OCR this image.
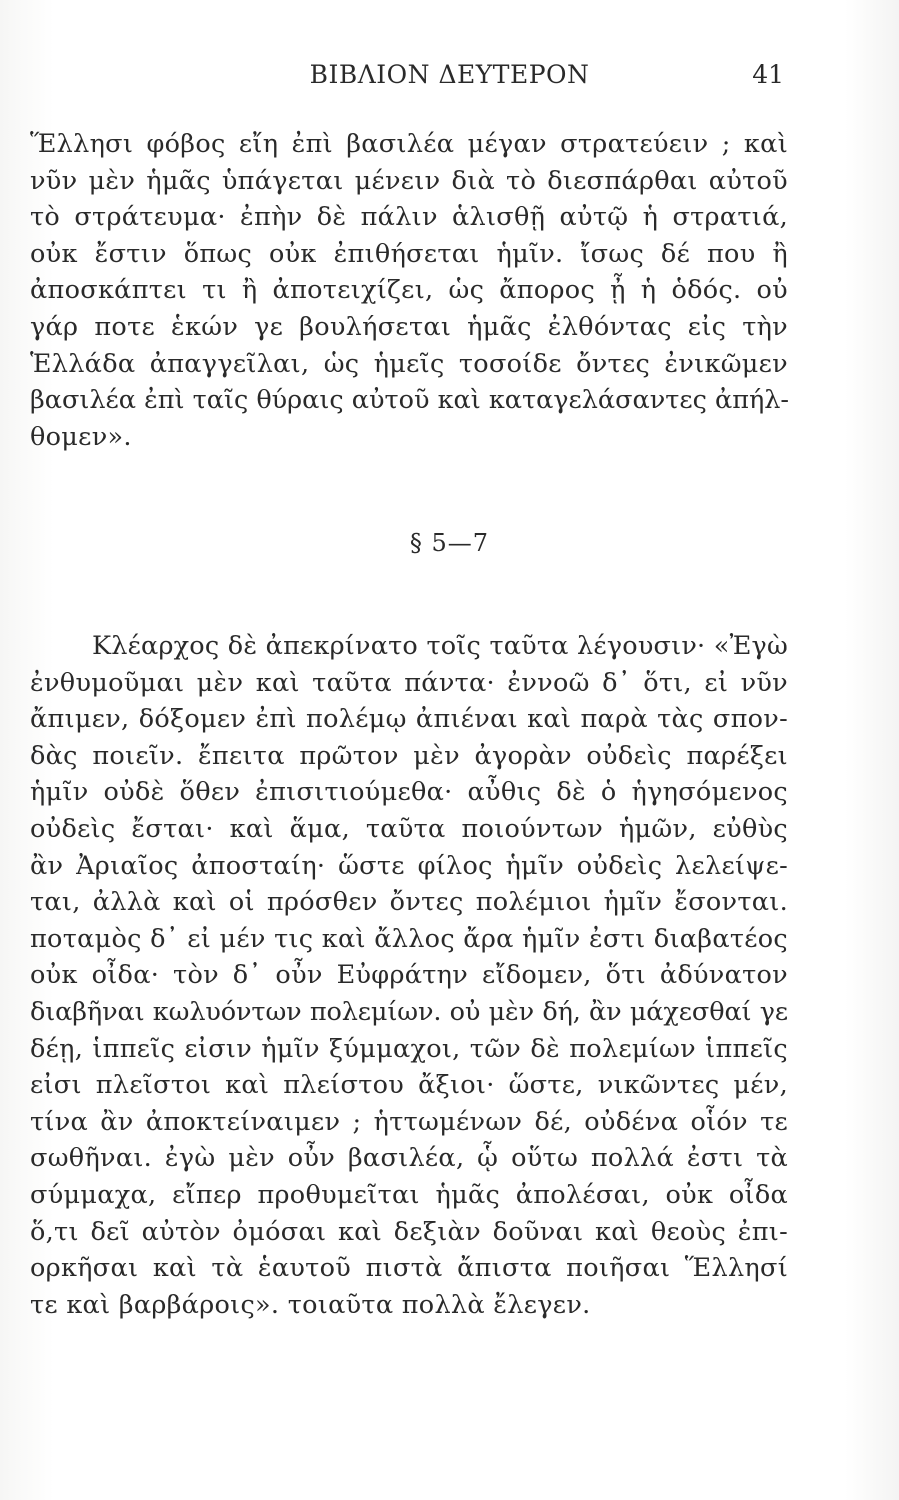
ΒΙΒΛΙΟΝ ΔΕΥΤΕΡΟΝ	41
Ἕλλησι φόβος εἴη ἐπὶ βασιλέα μέγαν στρατεύειν ; καὶ
νῦν μὲν ἡμᾶς ὑπάγεται μένειν διὰ τὸ διεσπάρθαι αὐτοῦ
τὸ στράτευμα· ἐπὴν δὲ πάλιν ἁλισθῇ αὐτῷ ἡ στρατιά,
οὐκ ἔστιν ὅπως οὐκ ἐπιθήσεται ἡμῖν. ἴσως δέ που ἢ
ἀποσκάπτει τι ἢ ἀποτειχίζει, ὡς ἄπορος ᾖ ἡ ὁδός. οὐ
γάρ ποτε ἑκών γε βουλήσεται ἡμᾶς ἐλθόντας εἰς τὴν
Ἑλλάδα ἀπαγγεῖλαι, ὡς ἡμεῖς τοσοίδε ὄντες ἐνικῶμεν
βασιλέα ἐπὶ ταῖς θύραις αὐτοῦ καὶ καταγελάσαντες ἀπήλ-
θομεν».
§ 5—7
Κλέαρχος δὲ ἀπεκρίνατο τοῖς ταῦτα λέγουσιν· «Ἐγὼ
ἐνθυμοῦμαι μὲν καὶ ταῦτα πάντα· ἐννοῶ δ᾽ ὅτι, εἰ νῦν
ἄπιμεν, δόξομεν ἐπὶ πολέμῳ ἀπιέναι καὶ παρὰ τὰς σπον-
δὰς ποιεῖν. ἔπειτα πρῶτον μὲν ἀγορὰν οὐδεὶς παρέξει
ἡμῖν οὐδὲ ὅθεν ἐπισιτιούμεθα· αὖθις δὲ ὁ ἡγησόμενος
οὐδεὶς ἔσται· καὶ ἅμα, ταῦτα ποιούντων ἡμῶν, εὐθὺς
ἂν Ἀριαῖος ἀποσταίη· ὥστε φίλος ἡμῖν οὐδεὶς λελείψε-
ται, ἀλλὰ καὶ οἱ πρόσθεν ὄντες πολέμιοι ἡμῖν ἔσονται.
ποταμὸς δ᾽ εἰ μέν τις καὶ ἄλλος ἄρα ἡμῖν ἐστι διαβατέος
οὐκ οἶδα· τὸν δ᾽ οὖν Εὐφράτην εἴδομεν, ὅτι ἀδύνατον
διαβῆναι κωλυόντων πολεμίων. οὐ μὲν δή, ἂν μάχεσθαί γε
δέῃ, ἱππεῖς εἰσιν ἡμῖν ξύμμαχοι, τῶν δὲ πολεμίων ἱππεῖς
εἰσι πλεῖστοι καὶ πλείστου ἄξιοι· ὥστε, νικῶντες μέν,
τίνα ἂν ἀποκτείναιμεν ; ἡττωμένων δέ, οὐδένα οἷόν τε
σωθῆναι. ἐγὼ μὲν οὖν βασιλέα, ᾧ οὕτω πολλά ἐστι τὰ
σύμμαχα, εἴπερ προθυμεῖται ἡμᾶς ἀπολέσαι, οὐκ οἶδα
ὅ,τι δεῖ αὐτὸν ὀμόσαι καὶ δεξιὰν δοῦναι καὶ θεοὺς ἐπι-
ορκῆσαι καὶ τὰ ἑαυτοῦ πιστὰ ἄπιστα ποιῆσαι Ἕλλησί
τε καὶ βαρβάροις». τοιαῦτα πολλὰ ἔλεγεν.
